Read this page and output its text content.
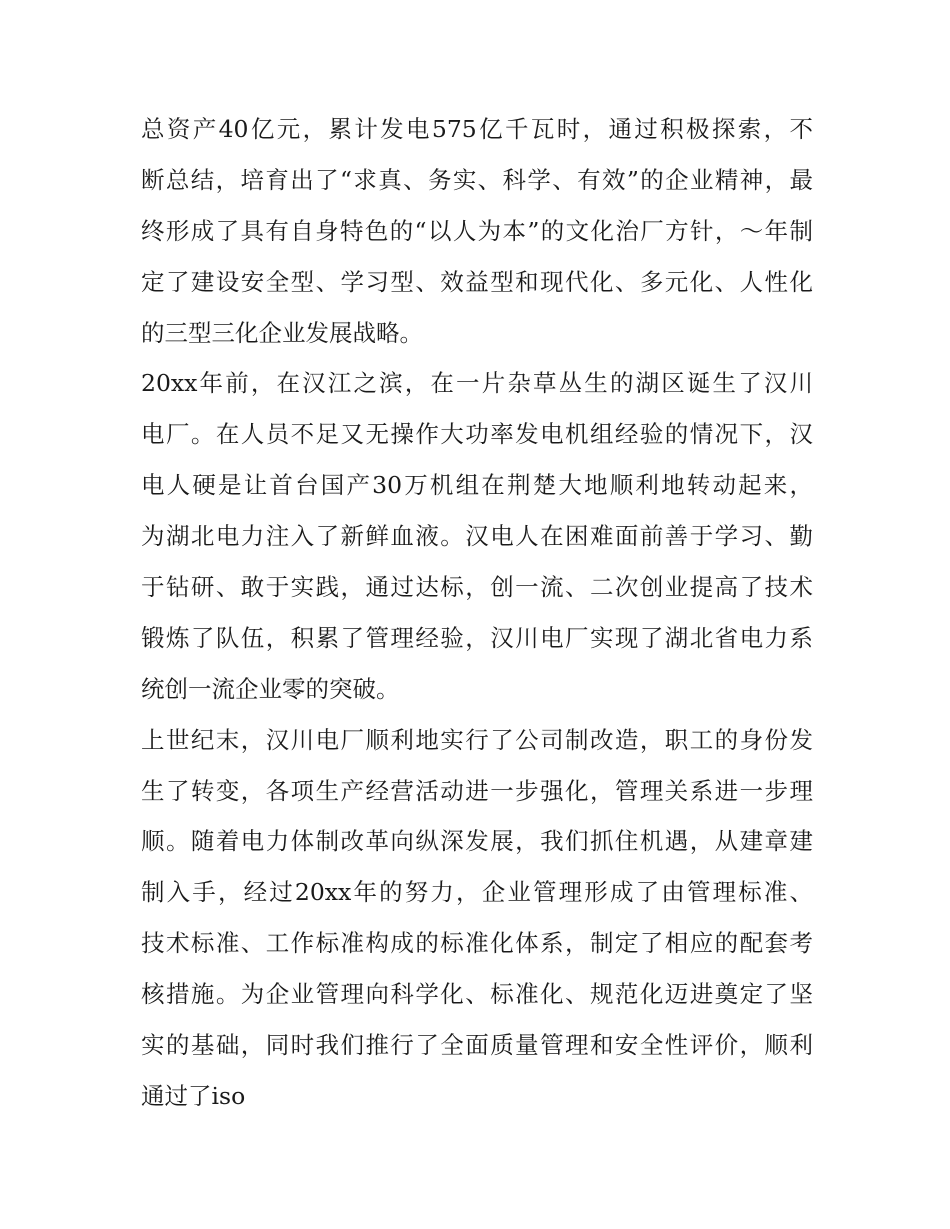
总资产40亿元，累计发电575亿千瓦时，通过积极探索，不
断总结，培育出了“求真、务实、科学、有效”的企业精神，最
终形成了具有自身特色的“以人为本”的文化治厂方针，～年制
定了建设安全型、学习型、效益型和现代化、多元化、人性化
的三型三化企业发展战略。
20xx年前，在汉江之滨，在一片杂草丛生的湖区诞生了汉川
电厂。在人员不足又无操作大功率发电机组经验的情况下，汉
电人硬是让首台国产30万机组在荆楚大地顺利地转动起来，
为湖北电力注入了新鲜血液。汉电人在困难面前善于学习、勤
于钻研、敢于实践，通过达标，创一流、二次创业提高了技术
锻炼了队伍，积累了管理经验，汉川电厂实现了湖北省电力系
统创一流企业零的突破。
上世纪末，汉川电厂顺利地实行了公司制改造，职工的身份发
生了转变，各项生产经营活动进一步强化，管理关系进一步理
顺。随着电力体制改革向纵深发展，我们抓住机遇，从建章建
制入手，经过20xx年的努力，企业管理形成了由管理标准、
技术标准、工作标准构成的标准化体系，制定了相应的配套考
核措施。为企业管理向科学化、标准化、规范化迈进奠定了坚
实的基础，同时我们推行了全面质量管理和安全性评价，顺利
通过了iso
